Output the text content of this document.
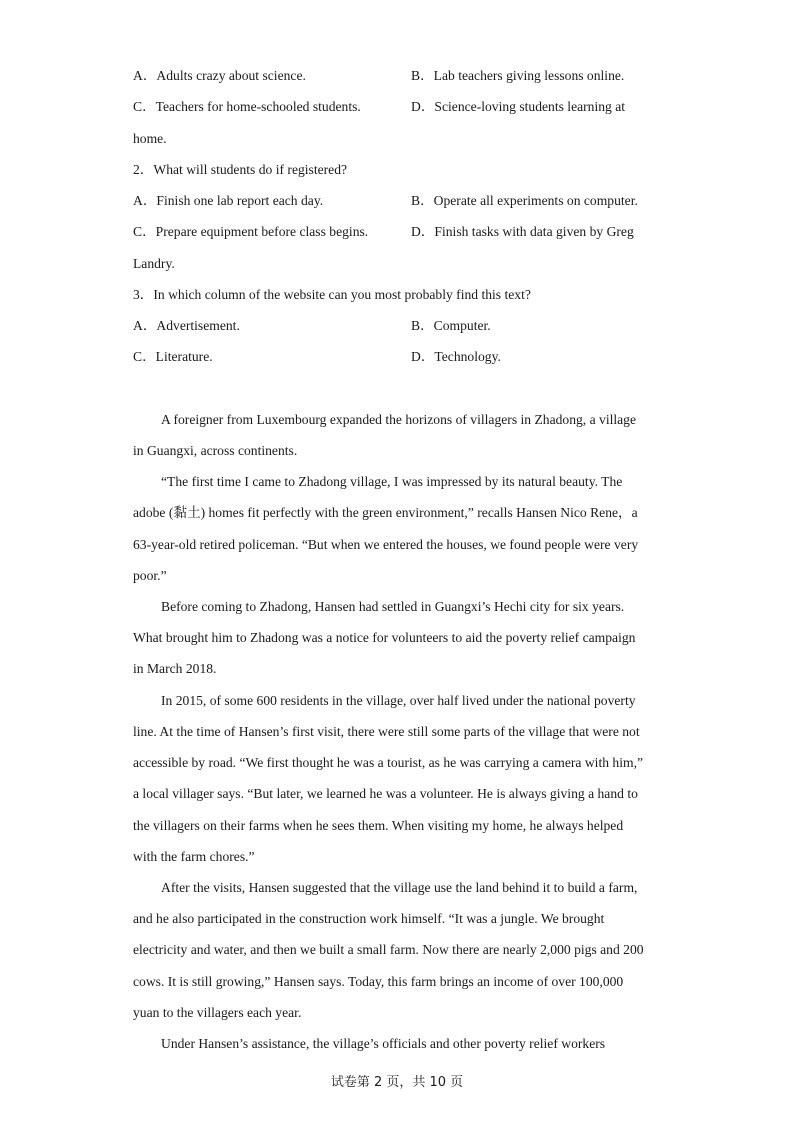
A．Adults crazy about science.	B．Lab teachers giving lessons online.
C．Teachers for home-schooled students.	D．Science-loving students learning at
home.
2．What will students do if registered?
A．Finish one lab report each day.	B．Operate all experiments on computer.
C．Prepare equipment before class begins.	D．Finish tasks with data given by Greg
Landry.
3．In which column of the website can you most probably find this text?
A．Advertisement.	B．Computer.
C．Literature.	D．Technology.
A foreigner from Luxembourg expanded the horizons of villagers in Zhadong, a village
in Guangxi, across continents.
“The first time I came to Zhadong village, I was impressed by its natural beauty. The
adobe (黏土) homes fit perfectly with the green environment,” recalls Hansen Nico Rene，a
63-year-old retired policeman. “But when we entered the houses, we found people were very
poor.”
Before coming to Zhadong, Hansen had settled in Guangxi’s Hechi city for six years.
What brought him to Zhadong was a notice for volunteers to aid the poverty relief campaign
in March 2018.
In 2015, of some 600 residents in the village, over half lived under the national poverty
line. At the time of Hansen’s first visit, there were still some parts of the village that were not
accessible by road. “We first thought he was a tourist, as he was carrying a camera with him,”
a local villager says. “But later, we learned he was a volunteer. He is always giving a hand to
the villagers on their farms when he sees them. When visiting my home, he always helped
with the farm chores.”
After the visits, Hansen suggested that the village use the land behind it to build a farm,
and he also participated in the construction work himself. “It was a jungle. We brought
electricity and water, and then we built a small farm. Now there are nearly 2,000 pigs and 200
cows. It is still growing,” Hansen says. Today, this farm brings an income of over 100,000
yuan to the villagers each year.
Under Hansen’s assistance, the village’s officials and other poverty relief workers
试卷第 2 页，共 10 页
